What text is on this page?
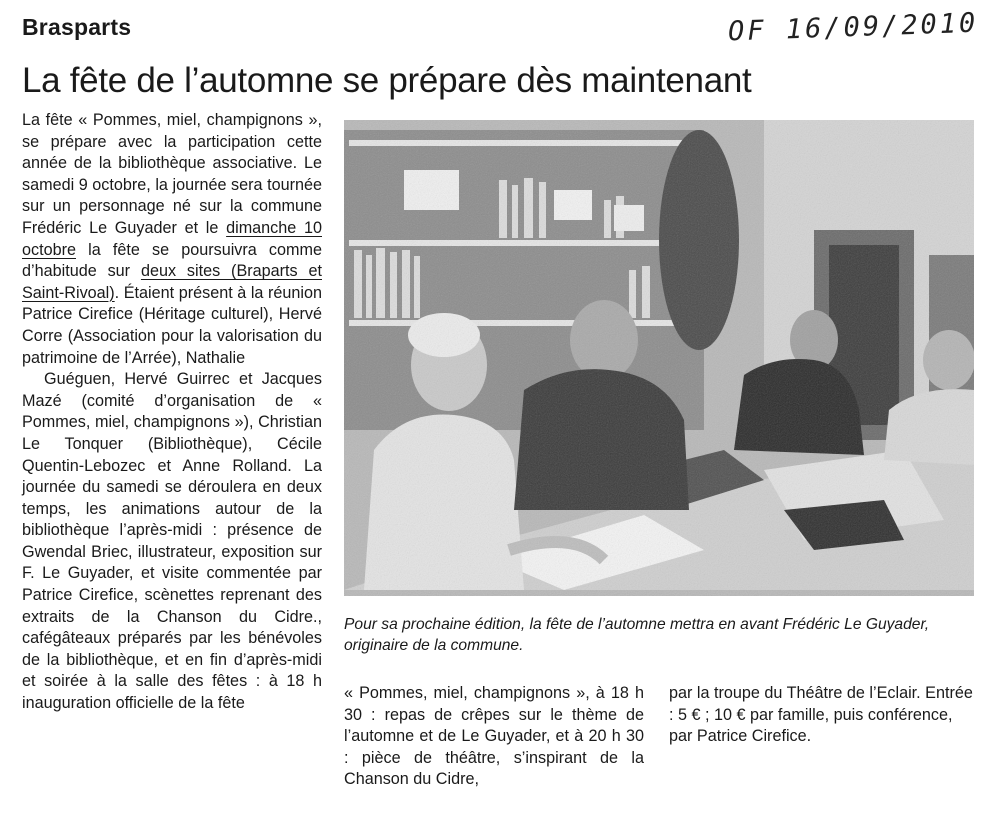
Brasparts	OF 16/09/2010
La fête de l’automne se prépare dès maintenant

La fête « Pommes, miel, champignons », se prépare avec la participation cette année de la bibliothèque associative. Le samedi 9 octobre, la journée sera tournée sur un personnage né sur la commune Frédéric Le Guyader et le dimanche 10 octobre la fête se poursuivra comme d’habitude sur deux sites (Braparts et Saint-Rivoal). Étaient présent à la réunion Patrice Cirefice (Héritage culturel), Hervé Corre (Association pour la valorisation du patrimoine de l’Arrée), Nathalie

Guéguen, Hervé Guirrec et Jacques Mazé (comité d’organisation de « Pommes, miel, champignons »), Christian Le Tonquer (Bibliothèque), Cécile Quentin-Lebozec et Anne Rolland. La journée du samedi se déroulera en deux temps, les animations autour de la bibliothèque l’après-midi : présence de Gwendal Briec, illustrateur, exposition sur F. Le Guyader, et visite commentée par Patrice Cirefice, scènettes reprenant des extraits de la Chanson du Cidre., cafégâteaux préparés par les bénévoles de la bibliothèque, et en fin d’après-midi et soirée à la salle des fêtes : à 18 h inauguration officielle de la fête

Pour sa prochaine édition, la fête de l’automne mettra en avant Frédéric Le Guyader, originaire de la commune.

« Pommes, miel, champignons », à 18 h 30 : repas de crêpes sur le thème de l’automne et de Le Guyader, et à 20 h 30 : pièce de théâtre, s’inspirant de la Chanson du Cidre,

par la troupe du Théâtre de l’Eclair. Entrée : 5 € ; 10 € par famille, puis conférence, par Patrice Cirefice.
